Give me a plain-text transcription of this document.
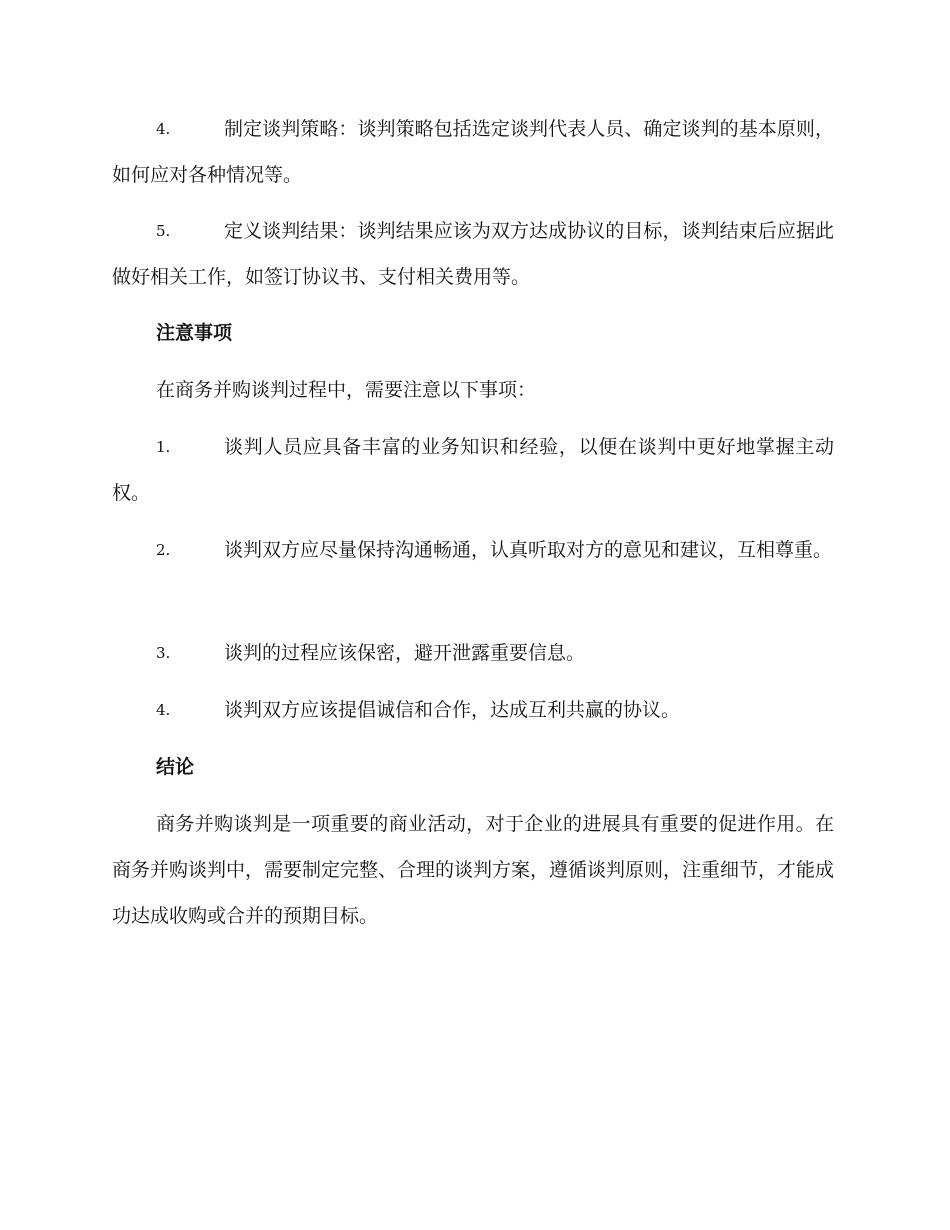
4.	制定谈判策略：谈判策略包括选定谈判代表人员、确定谈判的基本原则，如何应对各种情况等。
5.	定义谈判结果：谈判结果应该为双方达成协议的目标，谈判结束后应据此做好相关工作，如签订协议书、支付相关费用等。
注意事项
在商务并购谈判过程中，需要注意以下事项：
1.	谈判人员应具备丰富的业务知识和经验，以便在谈判中更好地掌握主动权。
2.	谈判双方应尽量保持沟通畅通，认真听取对方的意见和建议，互相尊重。
3.	谈判的过程应该保密，避开泄露重要信息。
4.	谈判双方应该提倡诚信和合作，达成互利共赢的协议。
结论
商务并购谈判是一项重要的商业活动，对于企业的进展具有重要的促进作用。在商务并购谈判中，需要制定完整、合理的谈判方案，遵循谈判原则，注重细节，才能成功达成收购或合并的预期目标。
